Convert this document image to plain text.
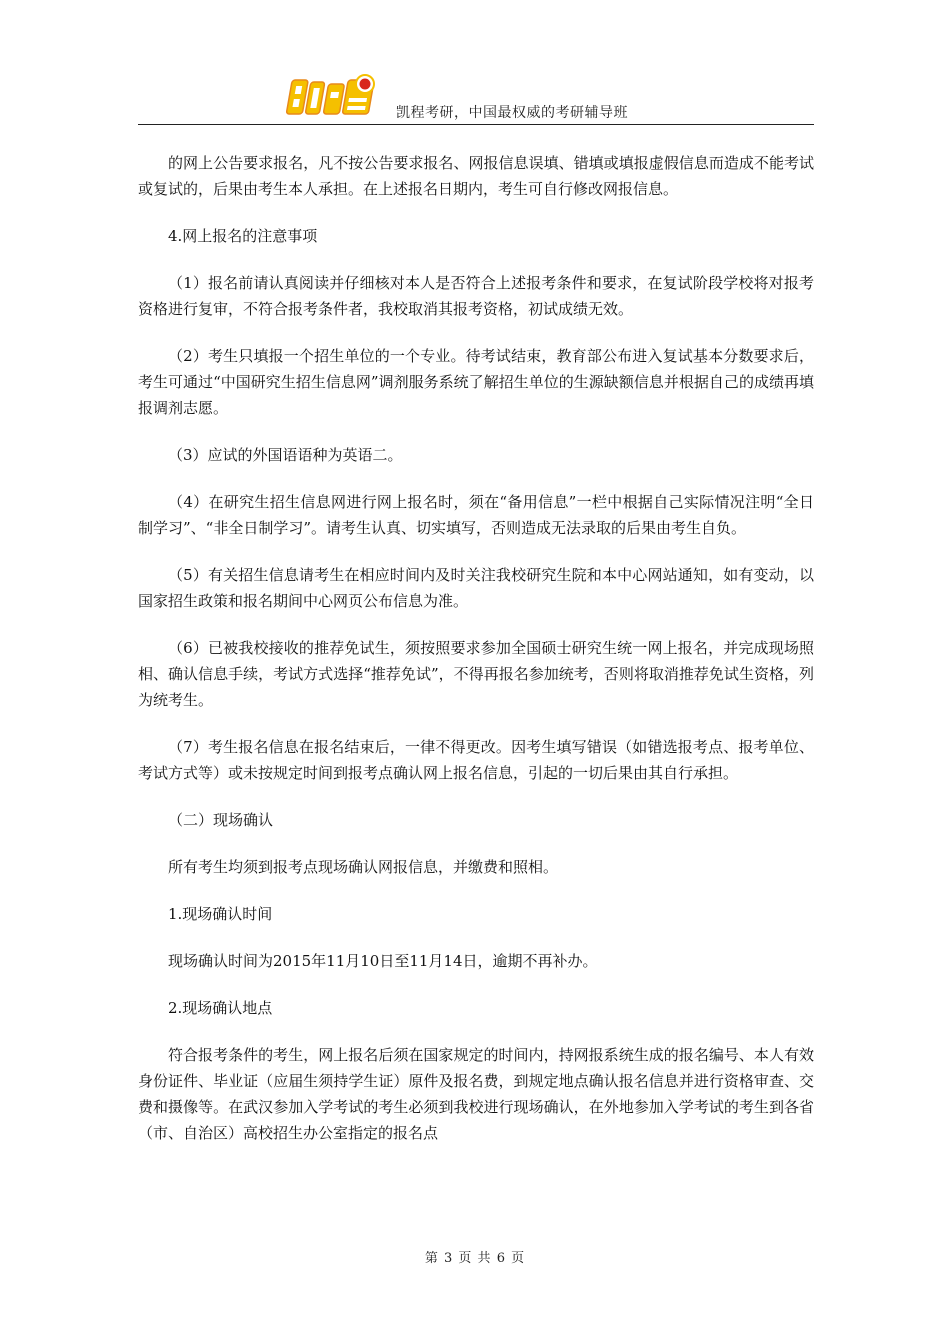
凯程考研，中国最权威的考研辅导班

的网上公告要求报名，凡不按公告要求报名、网报信息误填、错填或填报虚假信息而造成不能考试或复试的，后果由考生本人承担。在上述报名日期内，考生可自行修改网报信息。

4.网上报名的注意事项

（1）报名前请认真阅读并仔细核对本人是否符合上述报考条件和要求，在复试阶段学校将对报考资格进行复审，不符合报考条件者，我校取消其报考资格，初试成绩无效。

（2）考生只填报一个招生单位的一个专业。待考试结束，教育部公布进入复试基本分数要求后，考生可通过“中国研究生招生信息网”调剂服务系统了解招生单位的生源缺额信息并根据自己的成绩再填报调剂志愿。

（3）应试的外国语语种为英语二。

（4）在研究生招生信息网进行网上报名时，须在“备用信息”一栏中根据自己实际情况注明“全日制学习”、“非全日制学习”。请考生认真、切实填写，否则造成无法录取的后果由考生自负。

（5）有关招生信息请考生在相应时间内及时关注我校研究生院和本中心网站通知，如有变动，以国家招生政策和报名期间中心网页公布信息为准。

（6）已被我校接收的推荐免试生，须按照要求参加全国硕士研究生统一网上报名，并完成现场照相、确认信息手续，考试方式选择“推荐免试”，不得再报名参加统考，否则将取消推荐免试生资格，列为统考生。

（7）考生报名信息在报名结束后，一律不得更改。因考生填写错误（如错选报考点、报考单位、考试方式等）或未按规定时间到报考点确认网上报名信息，引起的一切后果由其自行承担。

（二）现场确认

所有考生均须到报考点现场确认网报信息，并缴费和照相。

1.现场确认时间

现场确认时间为2015年11月10日至11月14日，逾期不再补办。

2.现场确认地点

符合报考条件的考生，网上报名后须在国家规定的时间内，持网报系统生成的报名编号、本人有效身份证件、毕业证（应届生须持学生证）原件及报名费，到规定地点确认报名信息并进行资格审查、交费和摄像等。在武汉参加入学考试的考生必须到我校进行现场确认，在外地参加入学考试的考生到各省（市、自治区）高校招生办公室指定的报名点

第 3 页 共 6 页
